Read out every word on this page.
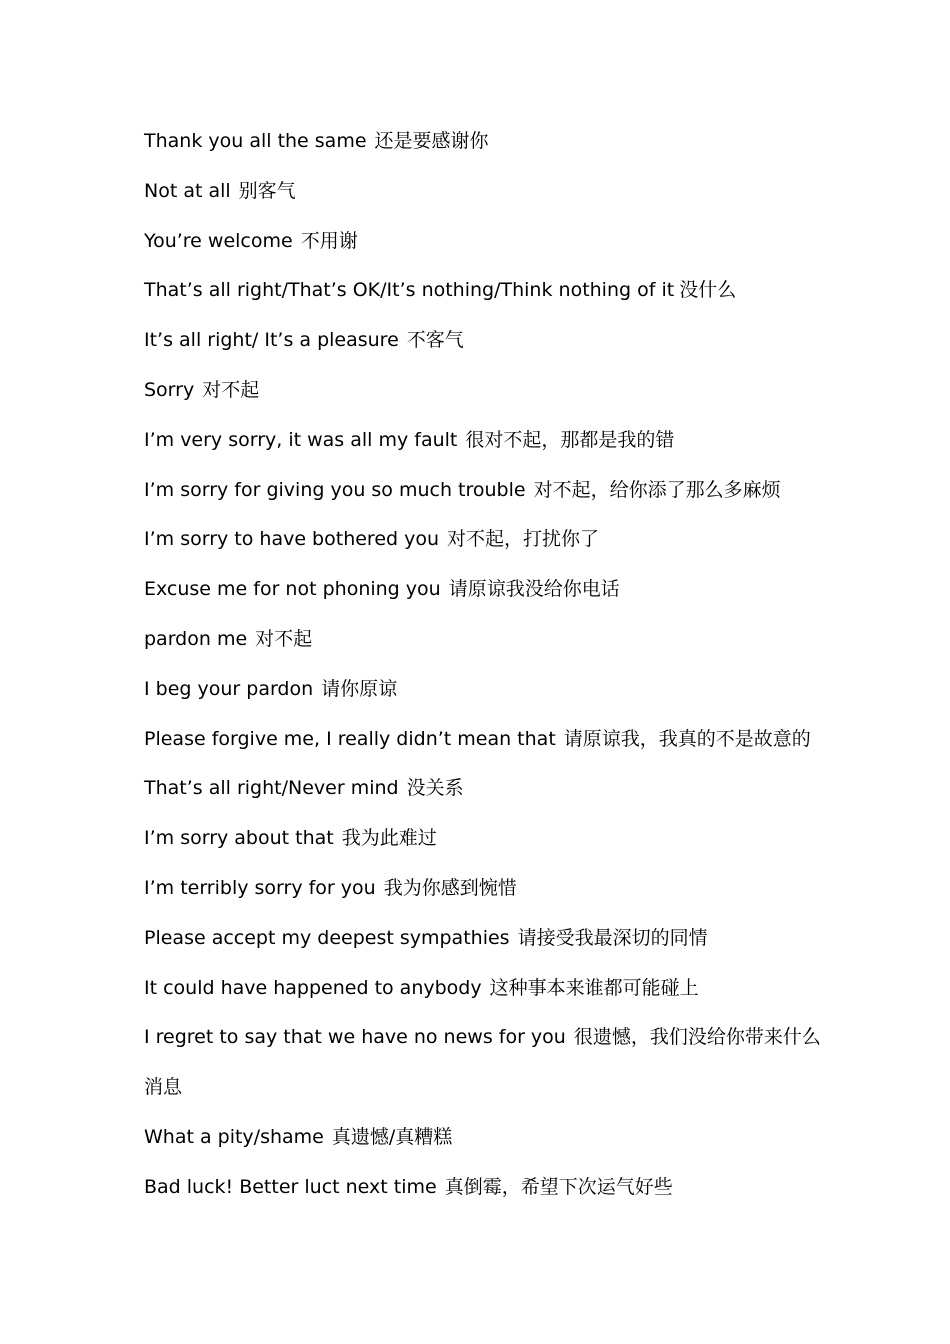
Thank you all the same 还是要感谢你
Not at all 别客气
You’re welcome 不用谢
That’s all right/That’s OK/It’s nothing/Think nothing of it 没什么
It’s all right/ It’s a pleasure 不客气
Sorry 对不起
I’m very sorry, it was all my fault 很对不起，那都是我的错
I’m sorry for giving you so much trouble 对不起，给你添了那么多麻烦
I’m sorry to have bothered you 对不起，打扰你了
Excuse me for not phoning you 请原谅我没给你电话
pardon me 对不起
I beg your pardon 请你原谅
Please forgive me, I really didn’t mean that 请原谅我，我真的不是故意的
That’s all right/Never mind 没关系
I’m sorry about that 我为此难过
I’m terribly sorry for you 我为你感到惋惜
Please accept my deepest sympathies 请接受我最深切的同情
It could have happened to anybody 这种事本来谁都可能碰上
I regret to say that we have no news for you 很遗憾，我们没给你带来什么
消息
What a pity/shame 真遗憾/真糟糕
Bad luck! Better luct next time 真倒霉，希望下次运气好些
